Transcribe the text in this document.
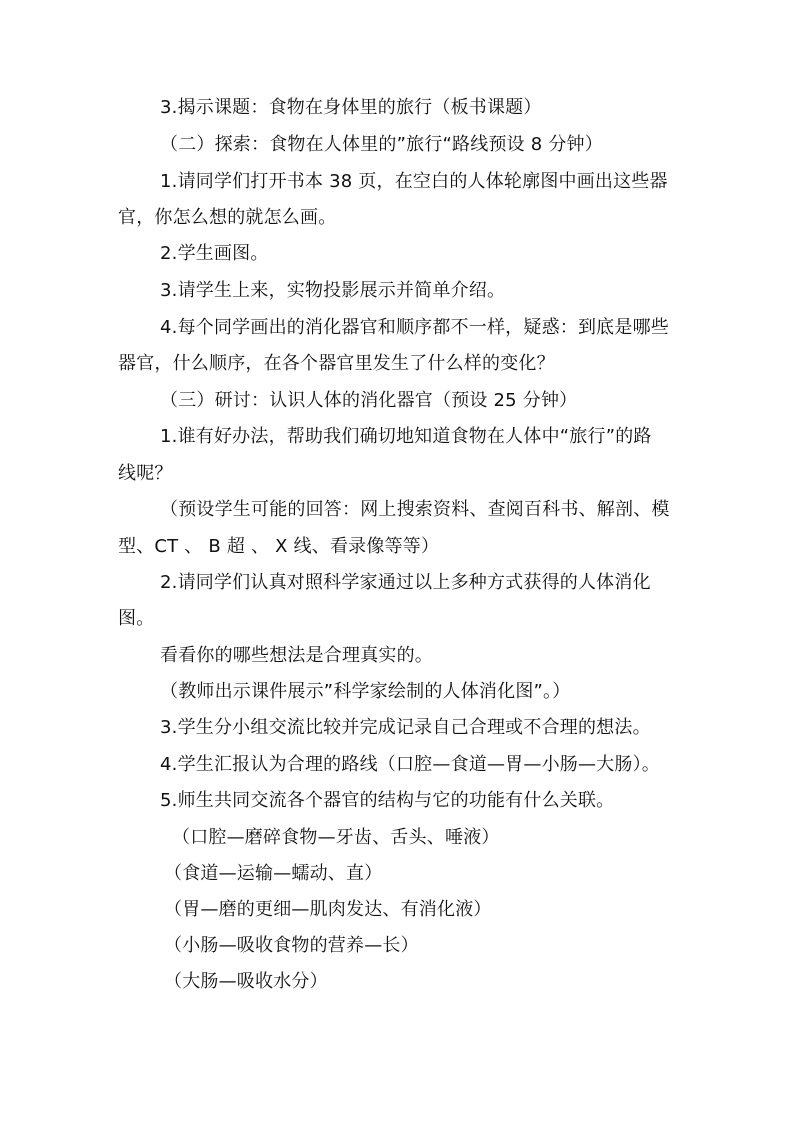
3.揭示课题：食物在身体里的旅行（板书课题）
（二）探索：食物在人体里的”旅行“路线预设 8 分钟）
1.请同学们打开书本 38 页，在空白的人体轮廓图中画出这些器
官，你怎么想的就怎么画。
2.学生画图。
3.请学生上来，实物投影展示并简单介绍。
4.每个同学画出的消化器官和顺序都不一样，疑惑：到底是哪些
器官，什么顺序，在各个器官里发生了什么样的变化？
（三）研讨：认识人体的消化器官（预设 25 分钟）
1.谁有好办法，帮助我们确切地知道食物在人体中“旅行”的路
线呢？
（预设学生可能的回答：网上搜索资料、查阅百科书、解剖、模
型、CT 、 B 超 、 X 线、看录像等等）
2.请同学们认真对照科学家通过以上多种方式获得的人体消化
图。
看看你的哪些想法是合理真实的。
（教师出示课件展示”科学家绘制的人体消化图”。）
3.学生分小组交流比较并完成记录自己合理或不合理的想法。
4.学生汇报认为合理的路线（口腔—食道—胃—小肠—大肠）。
5.师生共同交流各个器官的结构与它的功能有什么关联。
（口腔—磨碎食物—牙齿、舌头、唾液）
（食道—运输—蠕动、直）
（胃—磨的更细—肌肉发达、有消化液）
（小肠—吸收食物的营养—长）
（大肠—吸收水分）
